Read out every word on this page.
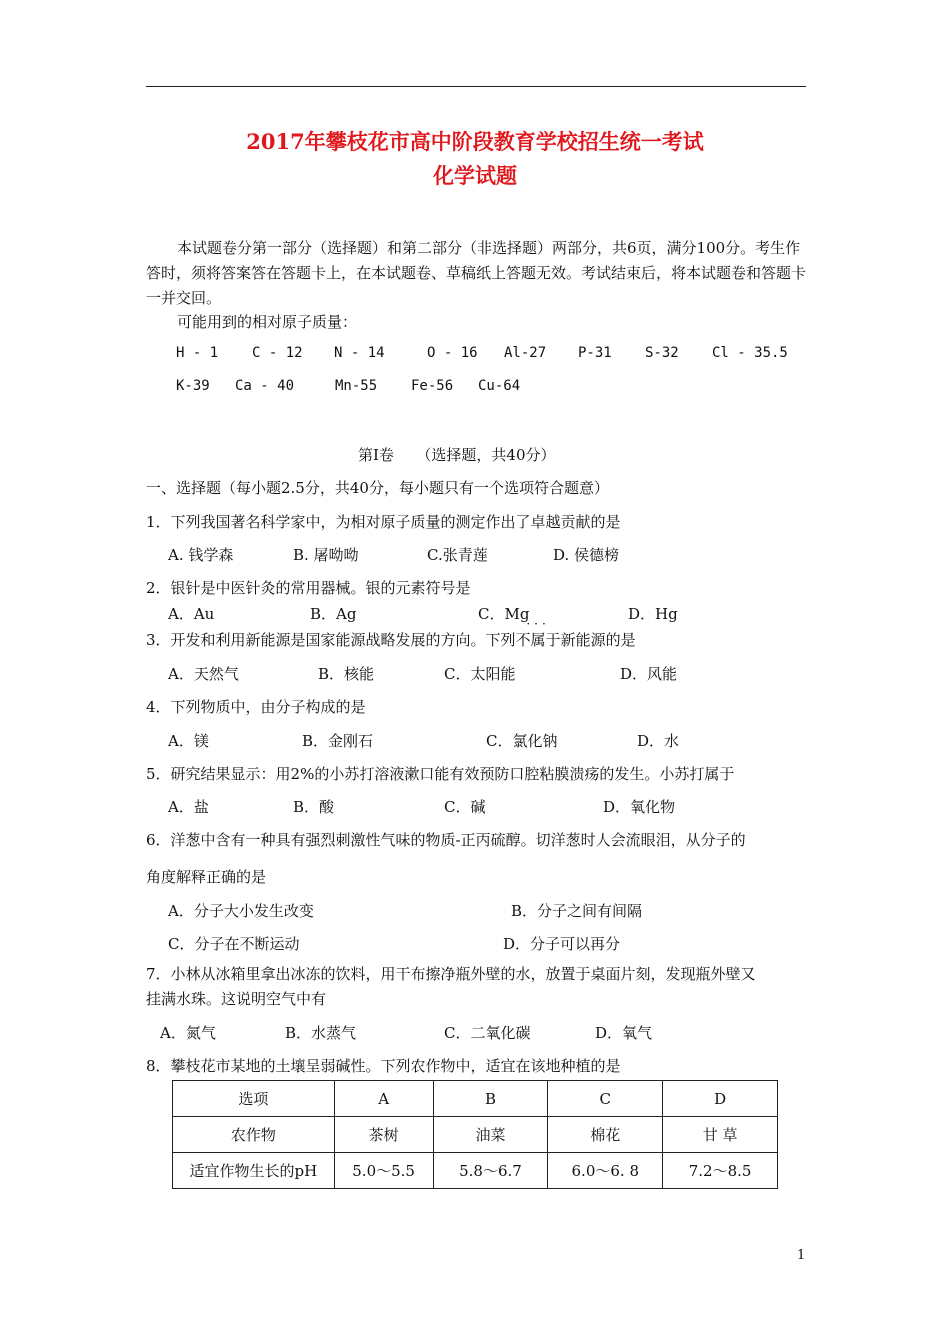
2017年攀枝花市高中阶段教育学校招生统一考试
化学试题
本试题卷分第一部分（选择题）和第二部分（非选择题）两部分，共6页，满分100分。考生作答时，须将答案答在答题卡上，在本试题卷、草稿纸上答题无效。考试结束后，将本试题卷和答题卡一并交回。
可能用到的相对原子质量：
H - 1 C - 12 N - 14	O - 16 Al-27 P-31 S-32 Cl - 35.5
K-39 Ca - 40	Mn-55 Fe-56 Cu-64
第Ⅰ卷　　（选择题，共40分）
一、选择题（每小题2.5分，共40分，每小题只有一个选项符合题意）
1．下列我国著名科学家中，为相对原子质量的测定作出了卓越贡献的是
A. 钱学森	B. 屠呦呦	C.张青莲	D. 侯德榜
2．银针是中医针灸的常用器械。银的元素符号是
A．Au	B．Ag	C．Mg	D．Hg
3．开发和利用新能源是国家能源战略发展的方向。下列
···
不属于新能源的是
A．天然气	B．核能	C．太阳能	D．风能
4．下列物质中，由分子构成的是
A．镁	B．金刚石	C．氯化钠	D．水
5．研究结果显示：用2%的小苏打溶液漱口能有效预防口腔粘膜溃疡的发生。小苏打属于
A．盐	B．酸	C．碱	D．氧化物
6．洋葱中含有一种具有强烈刺激性气味的物质-正丙硫醇。切洋葱时人会流眼泪，从分子的
角度解释正确的是
A．分子大小发生改变	B．分子之间有间隔
C．分子在不断运动	D．分子可以再分
7．小林从冰箱里拿出冰冻的饮料，用干布擦净瓶外壁的水，放置于桌面片刻，发现瓶外壁又
挂满水珠。这说明空气中有
A．氮气	B．水蒸气	C．二氧化碳	D．氧气
8．攀枝花市某地的土壤呈弱碱性。下列农作物中，适宜在该地种植的是
选项	A	B	C	D
农作物	茶树	油菜	棉花	甘 草
适宜作物生长的pH	5.0～5.5	5.8～6.7	6.0～6. 8	7.2～8.5
1
